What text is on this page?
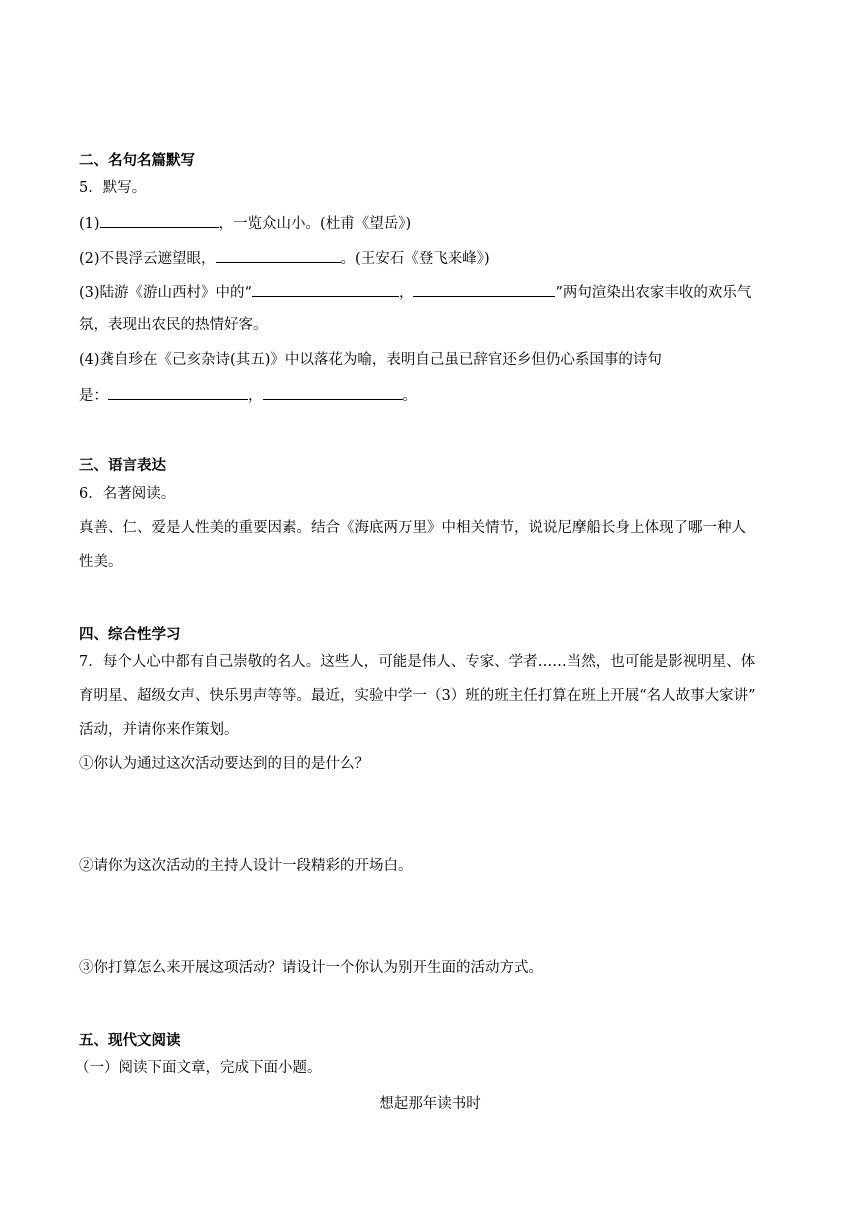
二、名句名篇默写
5．默写。
(1)	，一览众山小。(杜甫《望岳》)
(2)不畏浮云遮望眼，	。(王安石《登飞来峰》)
(3)陆游《游山西村》中的“	，	”两句渲染出农家丰收的欢乐气
氛，表现出农民的热情好客。
(4)龚自珍在《己亥杂诗(其五)》中以落花为喻，表明自己虽已辞官还乡但仍心系国事的诗句
是：	，	。
三、语言表达
6．名著阅读。
真善、仁、爱是人性美的重要因素。结合《海底两万里》中相关情节，说说尼摩船长身上体现了哪一种人
性美。
四、综合性学习
7．每个人心中都有自己崇敬的名人。这些人，可能是伟人、专家、学者……当然，也可能是影视明星、体
育明星、超级女声、快乐男声等等。最近，实验中学一（3）班的班主任打算在班上开展“名人故事大家讲”
活动，并请你来作策划。
①你认为通过这次活动要达到的目的是什么？
②请你为这次活动的主持人设计一段精彩的开场白。
③你打算怎么来开展这项活动？请设计一个你认为别开生面的活动方式。
五、现代文阅读
（一）阅读下面文章，完成下面小题。
想起那年读书时
